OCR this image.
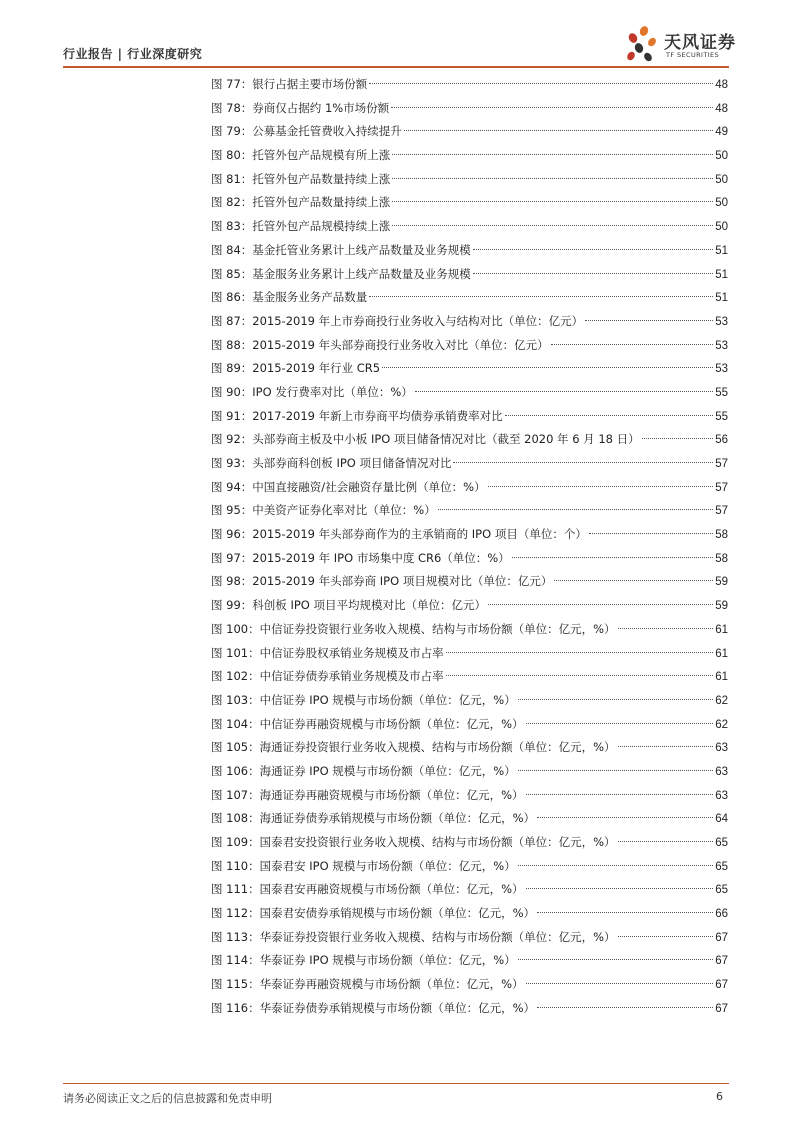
行业报告 | 行业深度研究
天风证券
TF SECURITIES
图 77：银行占据主要市场份额	48
图 78：券商仅占据约 1%市场份额	48
图 79：公募基金托管费收入持续提升	49
图 80：托管外包产品规模有所上涨	50
图 81：托管外包产品数量持续上涨	50
图 82：托管外包产品数量持续上涨	50
图 83：托管外包产品规模持续上涨	50
图 84：基金托管业务累计上线产品数量及业务规模	51
图 85：基金服务业务累计上线产品数量及业务规模	51
图 86：基金服务业务产品数量	51
图 87：2015-2019 年上市券商投行业务收入与结构对比（单位：亿元）	53
图 88：2015-2019 年头部券商投行业务收入对比（单位：亿元）	53
图 89：2015-2019 年行业 CR5	53
图 90：IPO 发行费率对比（单位：%）	55
图 91：2017-2019 年新上市券商平均债券承销费率对比	55
图 92：头部券商主板及中小板 IPO 项目储备情况对比（截至 2020 年 6 月 18 日）	56
图 93：头部券商科创板 IPO 项目储备情况对比	57
图 94：中国直接融资/社会融资存量比例（单位：%）	57
图 95：中美资产证券化率对比（单位：%）	57
图 96：2015-2019 年头部券商作为的主承销商的 IPO 项目（单位：个）	58
图 97：2015-2019 年 IPO 市场集中度 CR6（单位：%）	58
图 98：2015-2019 年头部券商 IPO 项目规模对比（单位：亿元）	59
图 99：科创板 IPO 项目平均规模对比（单位：亿元）	59
图 100：中信证券投资银行业务收入规模、结构与市场份额（单位：亿元，%）	61
图 101：中信证券股权承销业务规模及市占率	61
图 102：中信证券债券承销业务规模及市占率	61
图 103：中信证券 IPO 规模与市场份额（单位：亿元，%）	62
图 104：中信证券再融资规模与市场份额（单位：亿元，%）	62
图 105：海通证券投资银行业务收入规模、结构与市场份额（单位：亿元，%）	63
图 106：海通证券 IPO 规模与市场份额（单位：亿元，%）	63
图 107：海通证券再融资规模与市场份额（单位：亿元，%）	63
图 108：海通证券债券承销规模与市场份额（单位：亿元，%）	64
图 109：国泰君安投资银行业务收入规模、结构与市场份额（单位：亿元，%）	65
图 110：国泰君安 IPO 规模与市场份额（单位：亿元，%）	65
图 111：国泰君安再融资规模与市场份额（单位：亿元，%）	65
图 112：国泰君安债券承销规模与市场份额（单位：亿元，%）	66
图 113：华泰证券投资银行业务收入规模、结构与市场份额（单位：亿元，%）	67
图 114：华泰证券 IPO 规模与市场份额（单位：亿元，%）	67
图 115：华泰证券再融资规模与市场份额（单位：亿元，%）	67
图 116：华泰证券债券承销规模与市场份额（单位：亿元，%）	67
请务必阅读正文之后的信息披露和免责申明	6
